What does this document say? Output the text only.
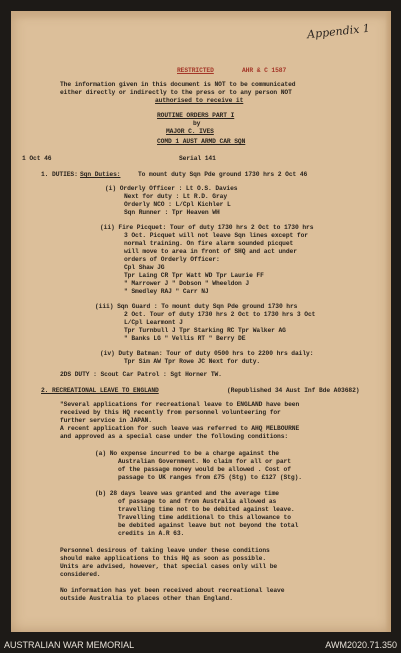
Appendix 1
RESTRICTED	AHR & C 1587
The information given in this document is NOT to be communicated
either directly or indirectly to the press or to any person NOT
authorised to receive it
ROUTINE ORDERS PART I
by
MAJOR C. IVES
COMD 1 AUST ARMD CAR SQN
1 Oct 46	Serial 141
1. DUTIES: Sqn Duties:	To mount duty Sqn Pde ground 1730 hrs 2 Oct 46
(i) Orderly Officer : Lt O.S. Davies
Next for duty : Lt R.D. Gray
Orderly NCO : L/Cpl Kichler L
Sqn Runner : Tpr Heaven WH
(ii) Fire Picquet: Tour of duty 1730 hrs 2 Oct to 1730 hrs
3 Oct. Picquet will not leave Sqn lines except for
normal training. On fire alarm sounded picquet
will move to area in front of SHQ and act under
orders of Orderly Officer:
Cpl Shaw JG
Tpr Laing CR Tpr Watt WD Tpr Laurie FF
" Marrower J " Dobson " Wheeldon J
" Smedley RAJ " Carr NJ
(iii) Sqn Guard : To mount duty Sqn Pde ground 1730 hrs
2 Oct. Tour of duty 1730 hrs 2 Oct to 1730 hrs 3 Oct
L/Cpl Learmont J
Tpr Turnbull J Tpr Starking RC Tpr Walker AG
" Banks LG " Vellis RT " Berry DE
(iv) Duty Batman: Tour of duty 0500 hrs to 2200 hrs daily:
Tpr Sim AW Tpr Rowe JC Next for duty.
2DS DUTY : Scout Car Patrol : Sgt Horner TW.
2. RECREATIONAL LEAVE TO ENGLAND	(Republished 34 Aust Inf Bde A03682)
"Several applications for recreational leave to ENGLAND have been
received by this HQ recently from personnel volunteering for
further service in JAPAN.
A recent application for such leave was referred to AHQ MELBOURNE
and approved as a special case under the following conditions:
(a) No expense incurred to be a charge against the
Australian Government. No claim for all or part
of the passage money would be allowed . Cost of
passage to UK ranges from £75 (Stg) to £127 (Stg).
(b) 28 days leave was granted and the average time
of passage to and from Australia allowed as
travelling time not to be debited against leave.
Travelling time additional to this allowance to
be debited against leave but not beyond the total
credits in A.R 63.
Personnel desirous of taking leave under these conditions
should make applications to this HQ as soon as possible.
Units are advised, however, that special cases only will be
considered.
No information has yet been received about recreational leave
outside Australia to places other than England.
AUSTRALIAN WAR MEMORIAL	AWM2020.71.350
